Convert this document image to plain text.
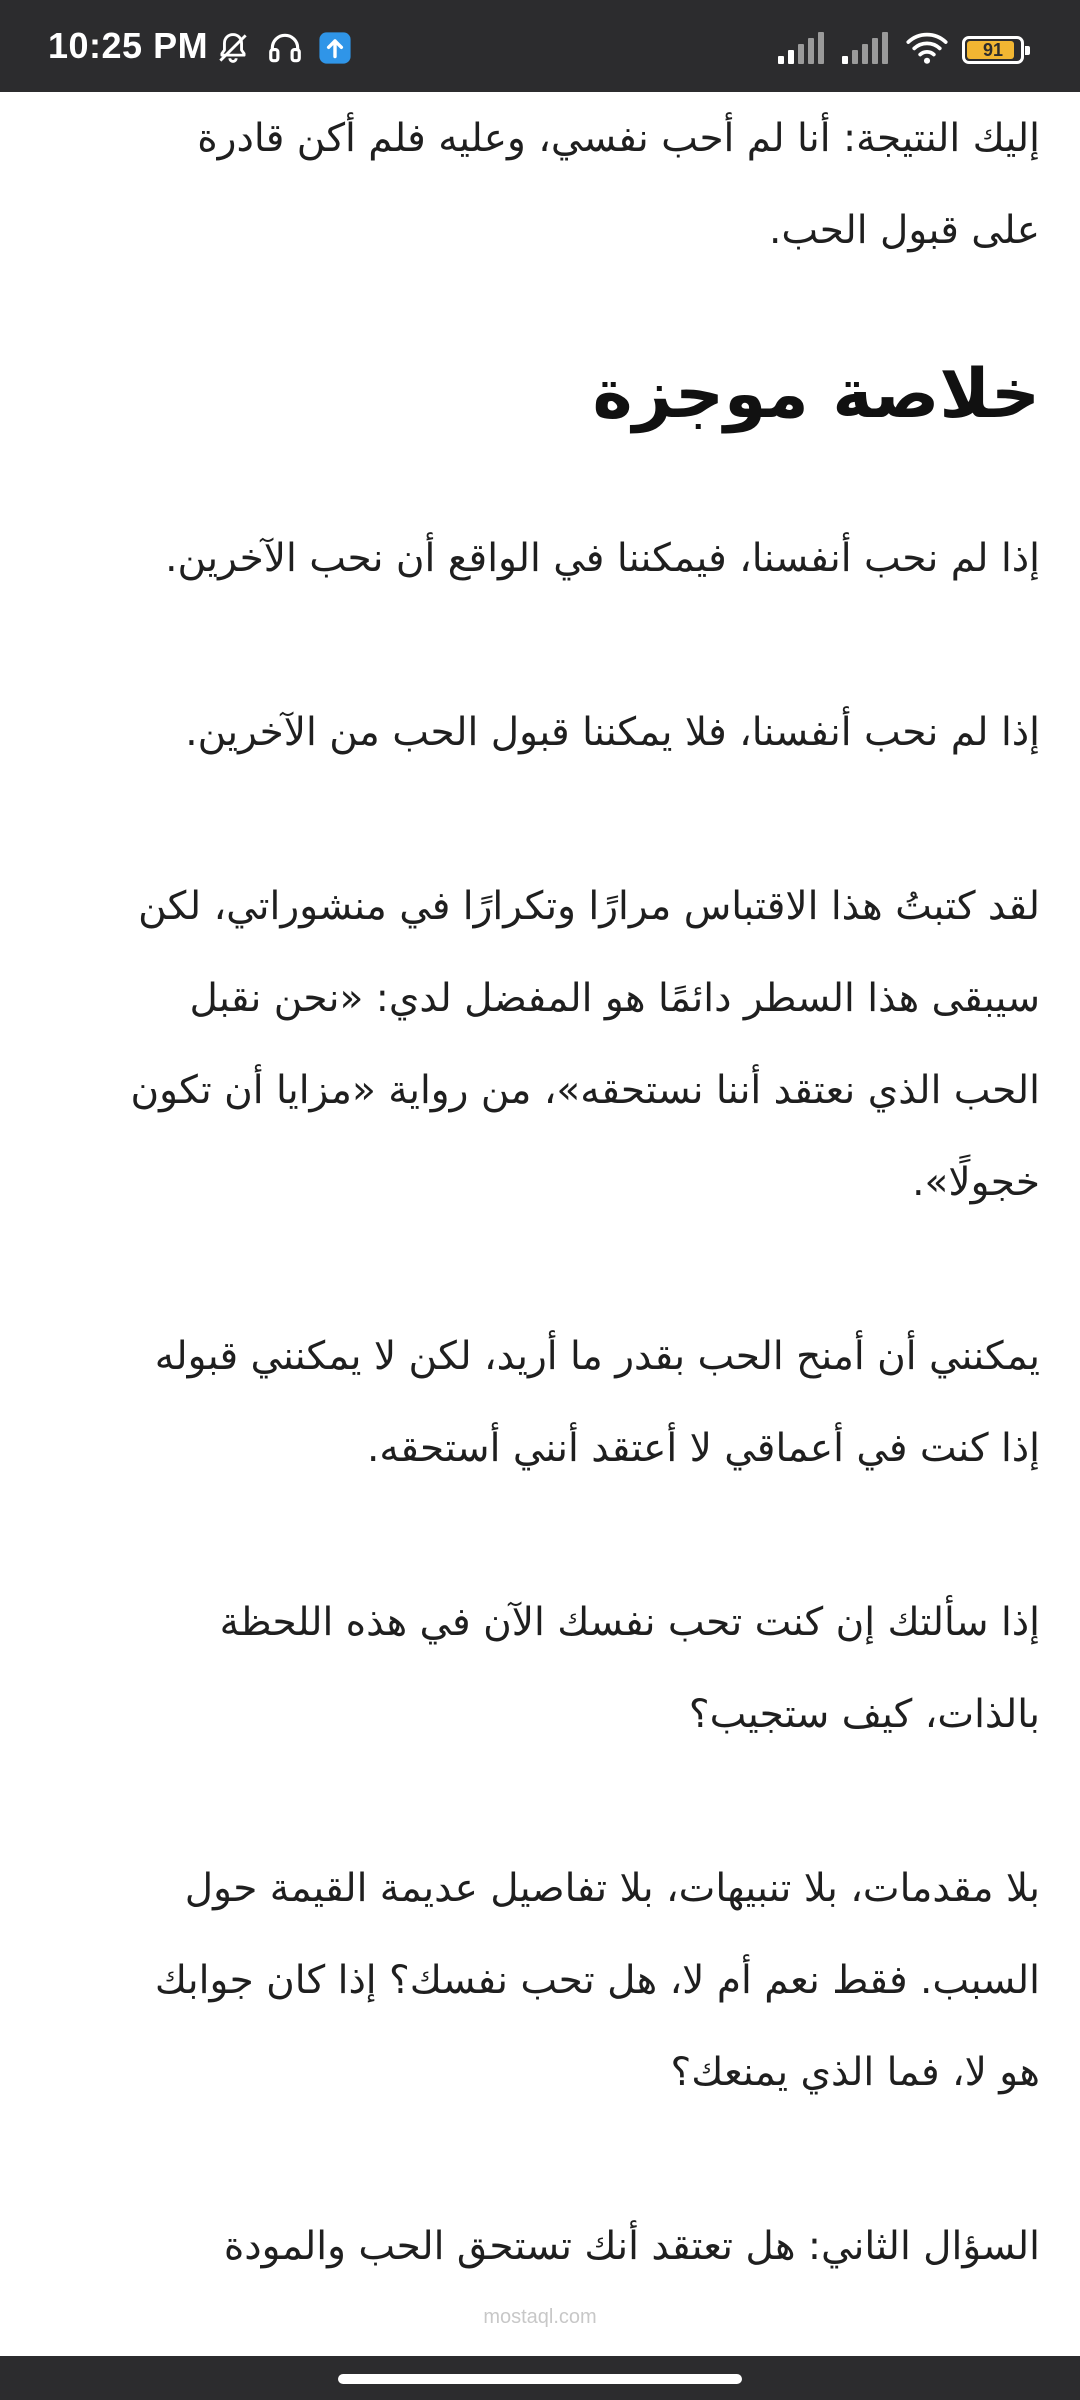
10:25 PM	91

إليك النتيجة: أنا لم أحب نفسي، وعليه فلم أكن قادرة
على قبول الحب.

خلاصة موجزة

إذا لم نحب أنفسنا، فيمكننا في الواقع أن نحب الآخرين.

إذا لم نحب أنفسنا، فلا يمكننا قبول الحب من الآخرين.

لقد كتبتُ هذا الاقتباس مرارًا وتكرارًا في منشوراتي، لكن
سيبقى هذا السطر دائمًا هو المفضل لدي: «نحن نقبل
الحب الذي نعتقد أننا نستحقه»، من رواية «مزايا أن تكون
خجولًا».

يمكنني أن أمنح الحب بقدر ما أريد، لكن لا يمكنني قبوله
إذا كنت في أعماقي لا أعتقد أنني أستحقه.

إذا سألتك إن كنت تحب نفسك الآن في هذه اللحظة
بالذات، كيف ستجيب؟

بلا مقدمات، بلا تنبيهات، بلا تفاصيل عديمة القيمة حول
السبب. فقط نعم أم لا، هل تحب نفسك؟ إذا كان جوابك
هو لا، فما الذي يمنعك؟

السؤال الثاني: هل تعتقد أنك تستحق الحب والمودة

mostaql.com
